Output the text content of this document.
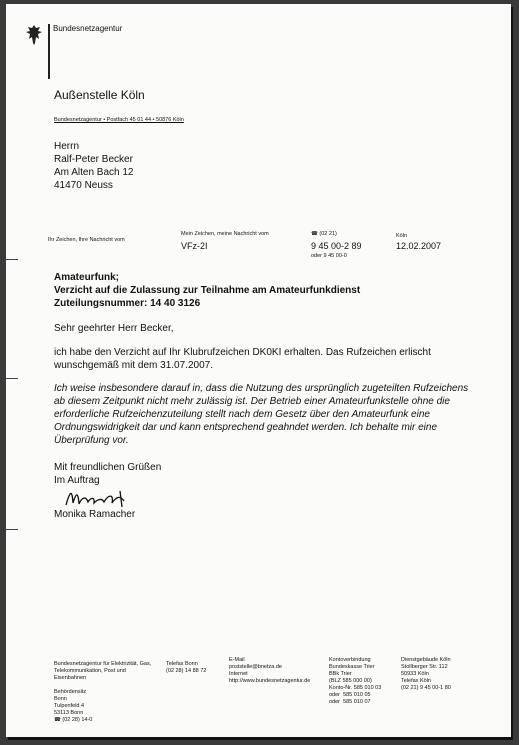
Bundesnetzagentur
Außenstelle Köln
Bundesnetzagentur • Postfach 45 01 44 • 50876 Köln
Herrn
Ralf-Peter Becker
Am Alten Bach 12
41470 Neuss
Ihr Zeichen, Ihre Nachricht vom
Mein Zeichen, meine Nachricht vom
VFz-2I
☎ (02 21)
9 45 00-2 89
oder 9 45 00-0
Köln
12.02.2007
Amateurfunk;
Verzicht auf die Zulassung zur Teilnahme am Amateurfunkdienst
Zuteilungsnummer: 14 40 3126
Sehr geehrter Herr Becker,
ich habe den Verzicht auf Ihr Klubrufzeichen DK0KI erhalten. Das Rufzeichen erlischt
wunschgemäß mit dem 31.07.2007.
Ich weise insbesondere darauf in, dass die Nutzung des ursprünglich zugeteilten Rufzeichens
ab diesem Zeitpunkt nicht mehr zulässig ist. Der Betrieb einer Amateurfunkstelle ohne die
erforderliche Rufzeichenzuteilung stellt nach dem Gesetz über den Amateurfunk eine
Ordnungswidrigkeit dar und kann entsprechend geahndet werden. Ich behalte mir eine
Überprüfung vor.
Mit freundlichen Grüßen
Im Auftrag
Monika Ramacher
Bundesnetzagentur für Elektrizität, Gas,
Telekommunikation, Post und
Eisenbahnen

Behördensitz
Bonn
Tulpenfeld 4
53113 Bonn
☎ (02 28) 14-0
Telefax Bonn
(02 28) 14 88 72
E-Mail
poststelle@bnetza.de
Internet
http://www.bundesnetzagentur.de
Kontoverbindung
Bundeskasse Trier
BBk Trier
(BLZ 585 000 00)
Konto-Nr. 585 010 03
oder  585 010 05
oder  585 010 07
Dienstgebäude Köln
Stollberger Str. 112
50933 Köln
Telefax Köln
(02 21) 9 45 00-1 80
